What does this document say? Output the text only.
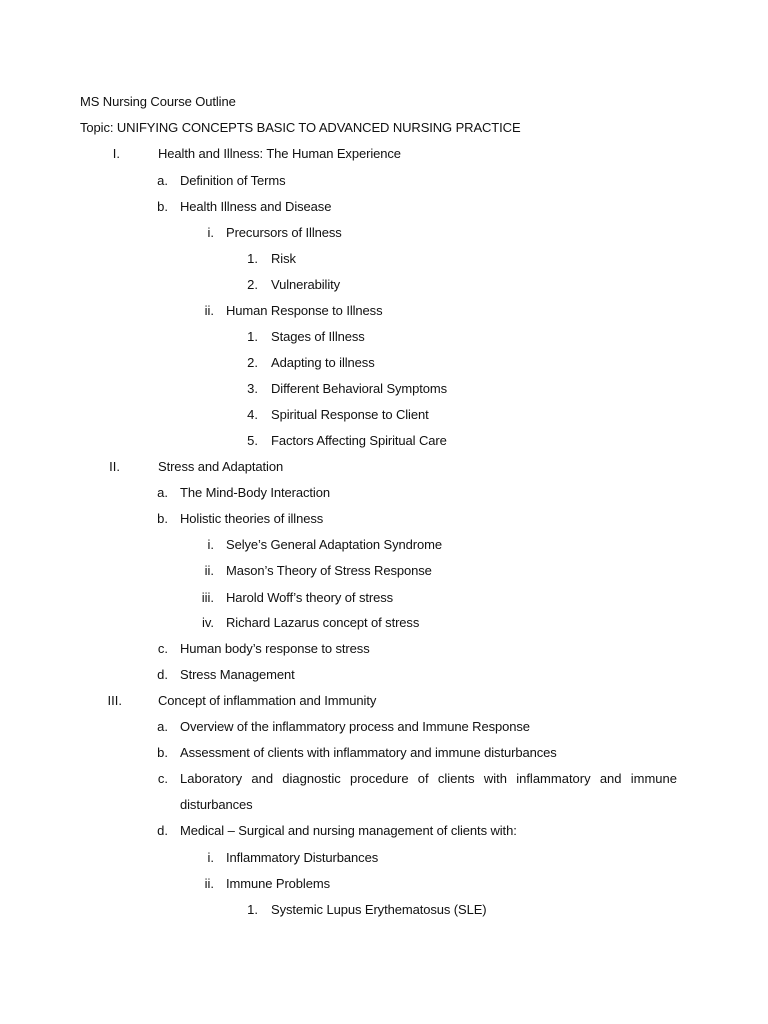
MS Nursing Course Outline
Topic: UNIFYING CONCEPTS BASIC TO ADVANCED NURSING PRACTICE
I.	Health and Illness: The Human Experience
a. Definition of Terms
b. Health Illness and Disease
i. Precursors of Illness
1. Risk
2. Vulnerability
ii. Human Response to Illness
1. Stages of Illness
2. Adapting to illness
3. Different Behavioral Symptoms
4. Spiritual Response to Client
5. Factors Affecting Spiritual Care
II.	Stress and Adaptation
a. The Mind-Body Interaction
b. Holistic theories of illness
i. Selye’s General Adaptation Syndrome
ii. Mason’s Theory of Stress Response
iii. Harold Woff’s theory of stress
iv. Richard Lazarus concept of stress
c. Human body’s response to stress
d. Stress Management
III.	Concept of inflammation and Immunity
a. Overview of the inflammatory process and Immune Response
b. Assessment of clients with inflammatory and immune disturbances
c. Laboratory and diagnostic procedure of clients with inflammatory and immune
disturbances
d. Medical – Surgical and nursing management of clients with:
i. Inflammatory Disturbances
ii. Immune Problems
1. Systemic Lupus Erythematosus (SLE)
